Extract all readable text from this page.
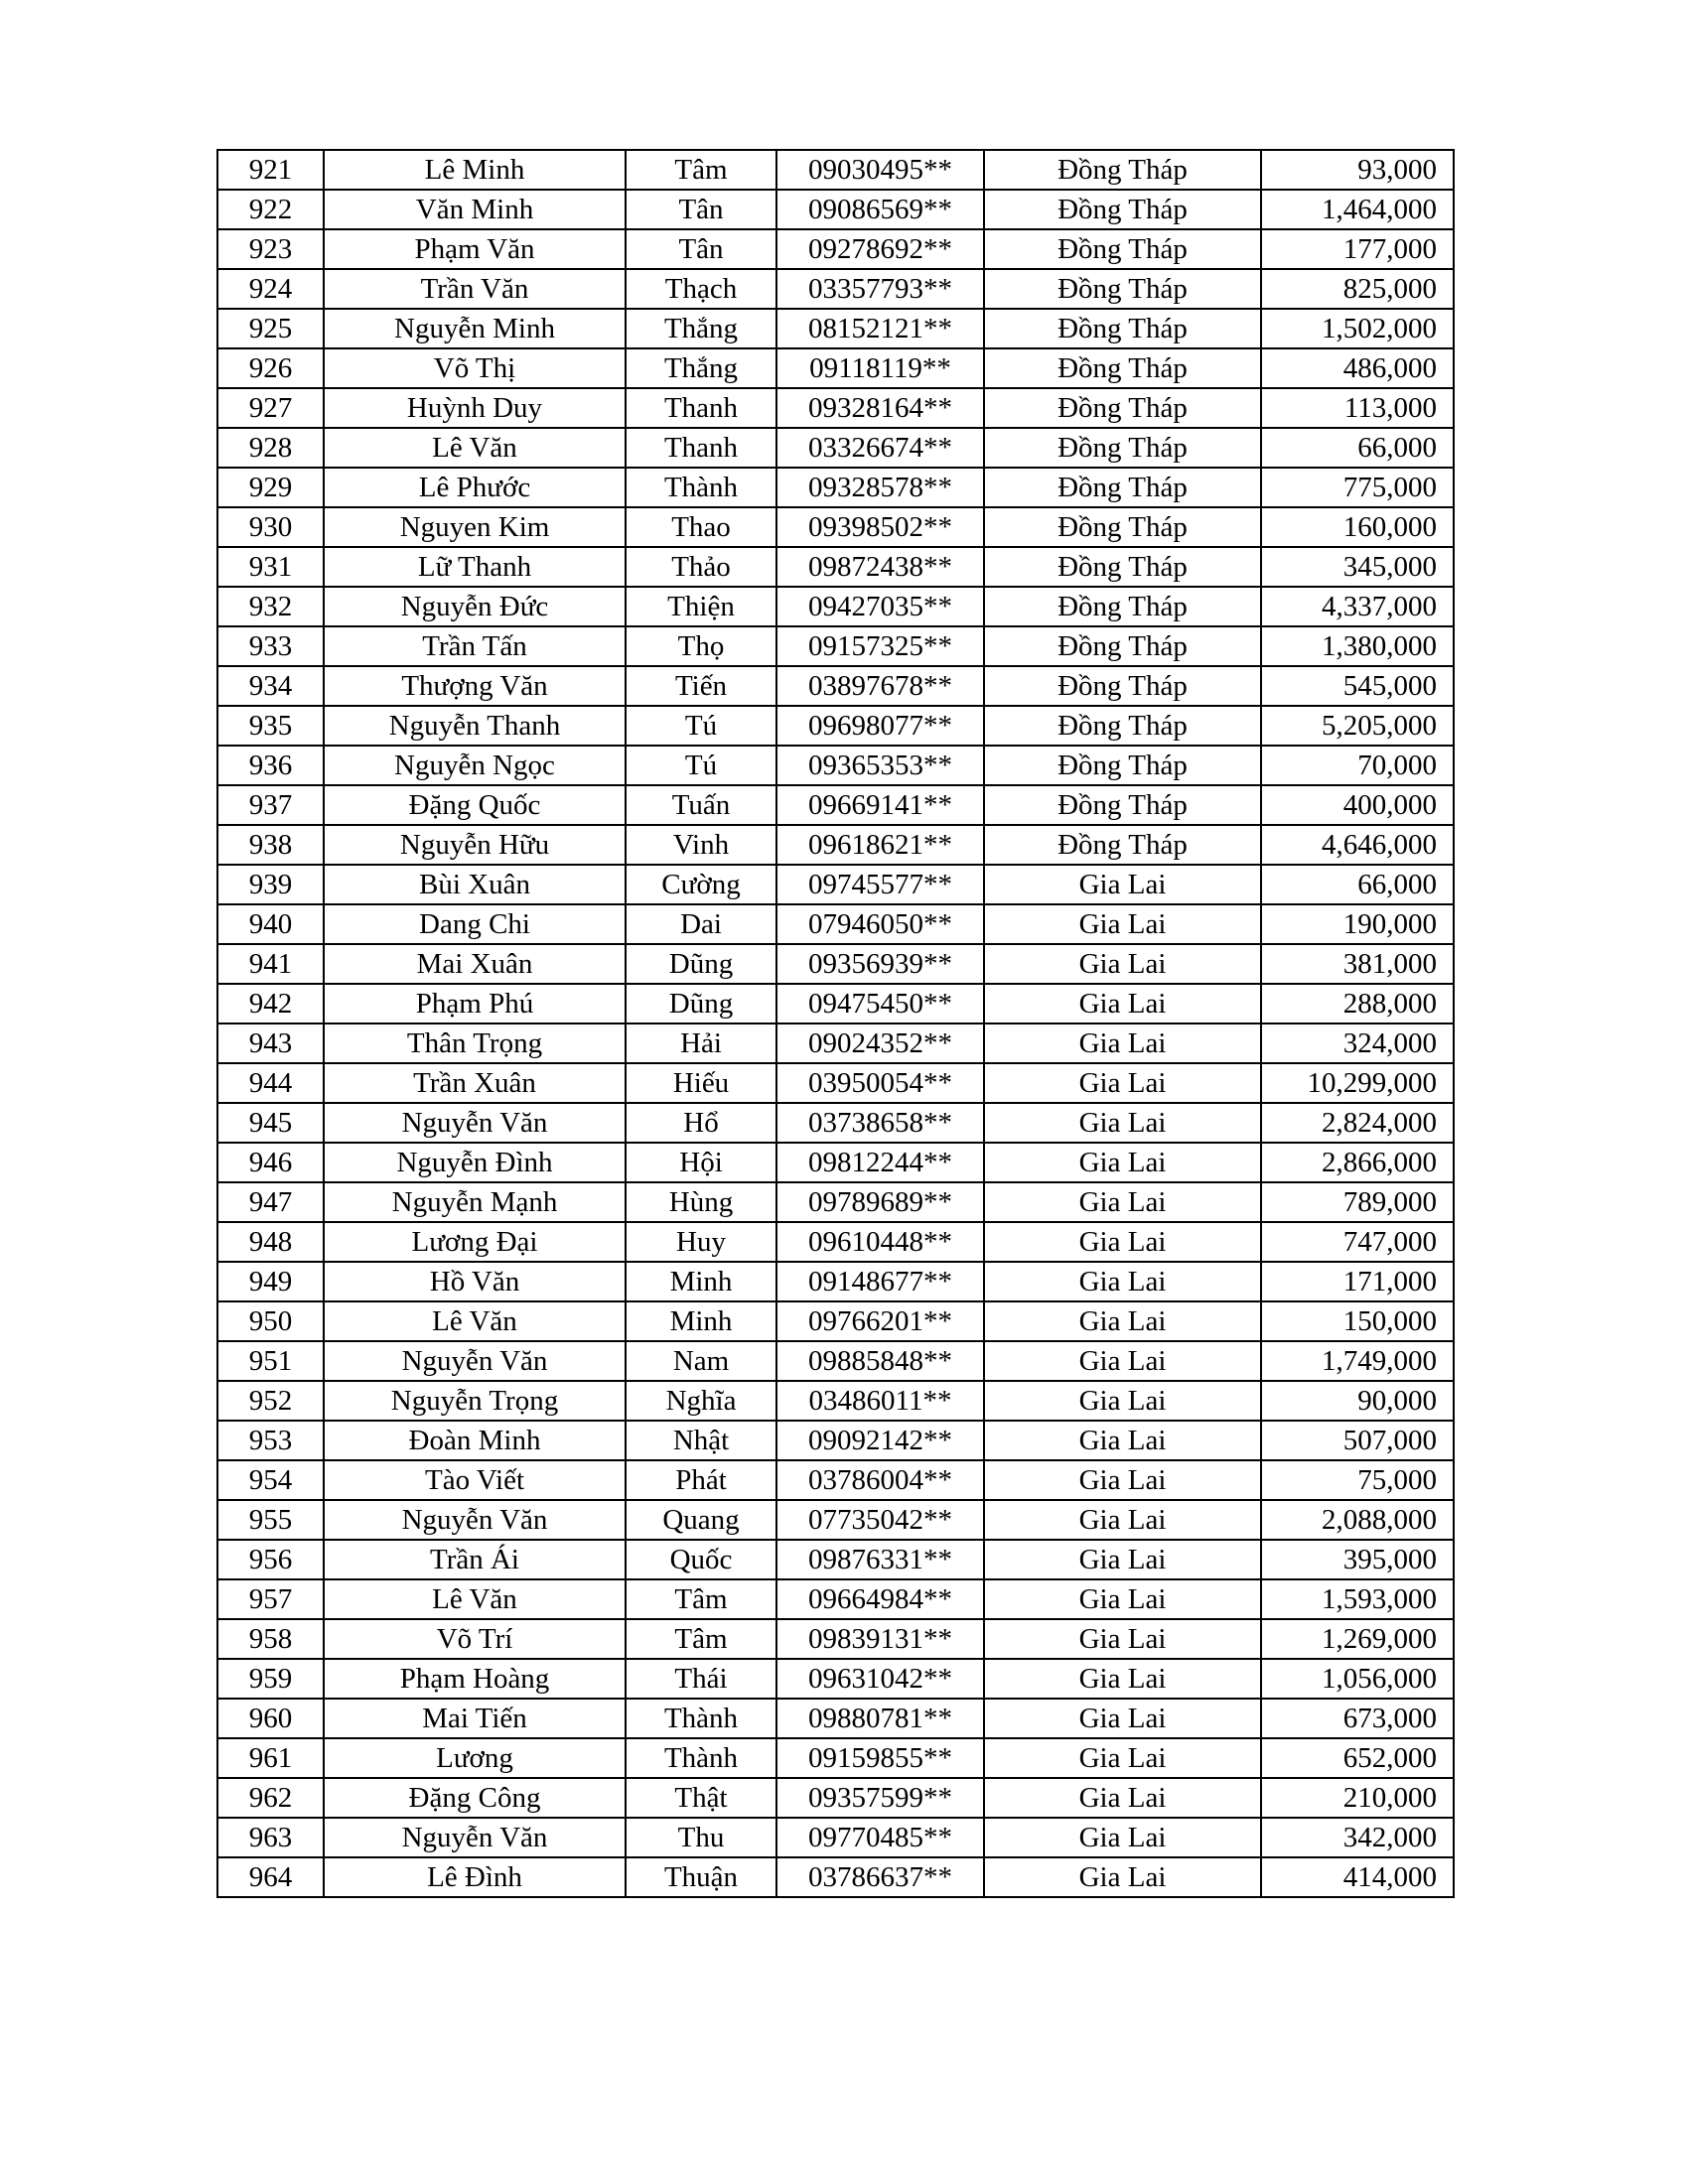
921	Lê Minh	Tâm	09030495**	Đồng Tháp	93,000
922	Văn Minh	Tân	09086569**	Đồng Tháp	1,464,000
923	Phạm Văn	Tân	09278692**	Đồng Tháp	177,000
924	Trần Văn	Thạch	03357793**	Đồng Tháp	825,000
925	Nguyễn Minh	Thắng	08152121**	Đồng Tháp	1,502,000
926	Võ Thị	Thắng	09118119**	Đồng Tháp	486,000
927	Huỳnh Duy	Thanh	09328164**	Đồng Tháp	113,000
928	Lê Văn	Thanh	03326674**	Đồng Tháp	66,000
929	Lê Phước	Thành	09328578**	Đồng Tháp	775,000
930	Nguyen Kim	Thao	09398502**	Đồng Tháp	160,000
931	Lữ Thanh	Thảo	09872438**	Đồng Tháp	345,000
932	Nguyễn Đức	Thiện	09427035**	Đồng Tháp	4,337,000
933	Trần Tấn	Thọ	09157325**	Đồng Tháp	1,380,000
934	Thượng Văn	Tiến	03897678**	Đồng Tháp	545,000
935	Nguyễn Thanh	Tú	09698077**	Đồng Tháp	5,205,000
936	Nguyễn Ngọc	Tú	09365353**	Đồng Tháp	70,000
937	Đặng Quốc	Tuấn	09669141**	Đồng Tháp	400,000
938	Nguyễn Hữu	Vinh	09618621**	Đồng Tháp	4,646,000
939	Bùi Xuân	Cường	09745577**	Gia Lai	66,000
940	Dang Chi	Dai	07946050**	Gia Lai	190,000
941	Mai Xuân	Dũng	09356939**	Gia Lai	381,000
942	Phạm Phú	Dũng	09475450**	Gia Lai	288,000
943	Thân Trọng	Hải	09024352**	Gia Lai	324,000
944	Trần Xuân	Hiếu	03950054**	Gia Lai	10,299,000
945	Nguyễn Văn	Hổ	03738658**	Gia Lai	2,824,000
946	Nguyễn Đình	Hội	09812244**	Gia Lai	2,866,000
947	Nguyễn Mạnh	Hùng	09789689**	Gia Lai	789,000
948	Lương Đại	Huy	09610448**	Gia Lai	747,000
949	Hồ Văn	Minh	09148677**	Gia Lai	171,000
950	Lê Văn	Minh	09766201**	Gia Lai	150,000
951	Nguyễn Văn	Nam	09885848**	Gia Lai	1,749,000
952	Nguyễn Trọng	Nghĩa	03486011**	Gia Lai	90,000
953	Đoàn Minh	Nhật	09092142**	Gia Lai	507,000
954	Tào Viết	Phát	03786004**	Gia Lai	75,000
955	Nguyễn Văn	Quang	07735042**	Gia Lai	2,088,000
956	Trần Ái	Quốc	09876331**	Gia Lai	395,000
957	Lê Văn	Tâm	09664984**	Gia Lai	1,593,000
958	Võ Trí	Tâm	09839131**	Gia Lai	1,269,000
959	Phạm Hoàng	Thái	09631042**	Gia Lai	1,056,000
960	Mai Tiến	Thành	09880781**	Gia Lai	673,000
961	Lương	Thành	09159855**	Gia Lai	652,000
962	Đặng Công	Thật	09357599**	Gia Lai	210,000
963	Nguyễn Văn	Thu	09770485**	Gia Lai	342,000
964	Lê Đình	Thuận	03786637**	Gia Lai	414,000
